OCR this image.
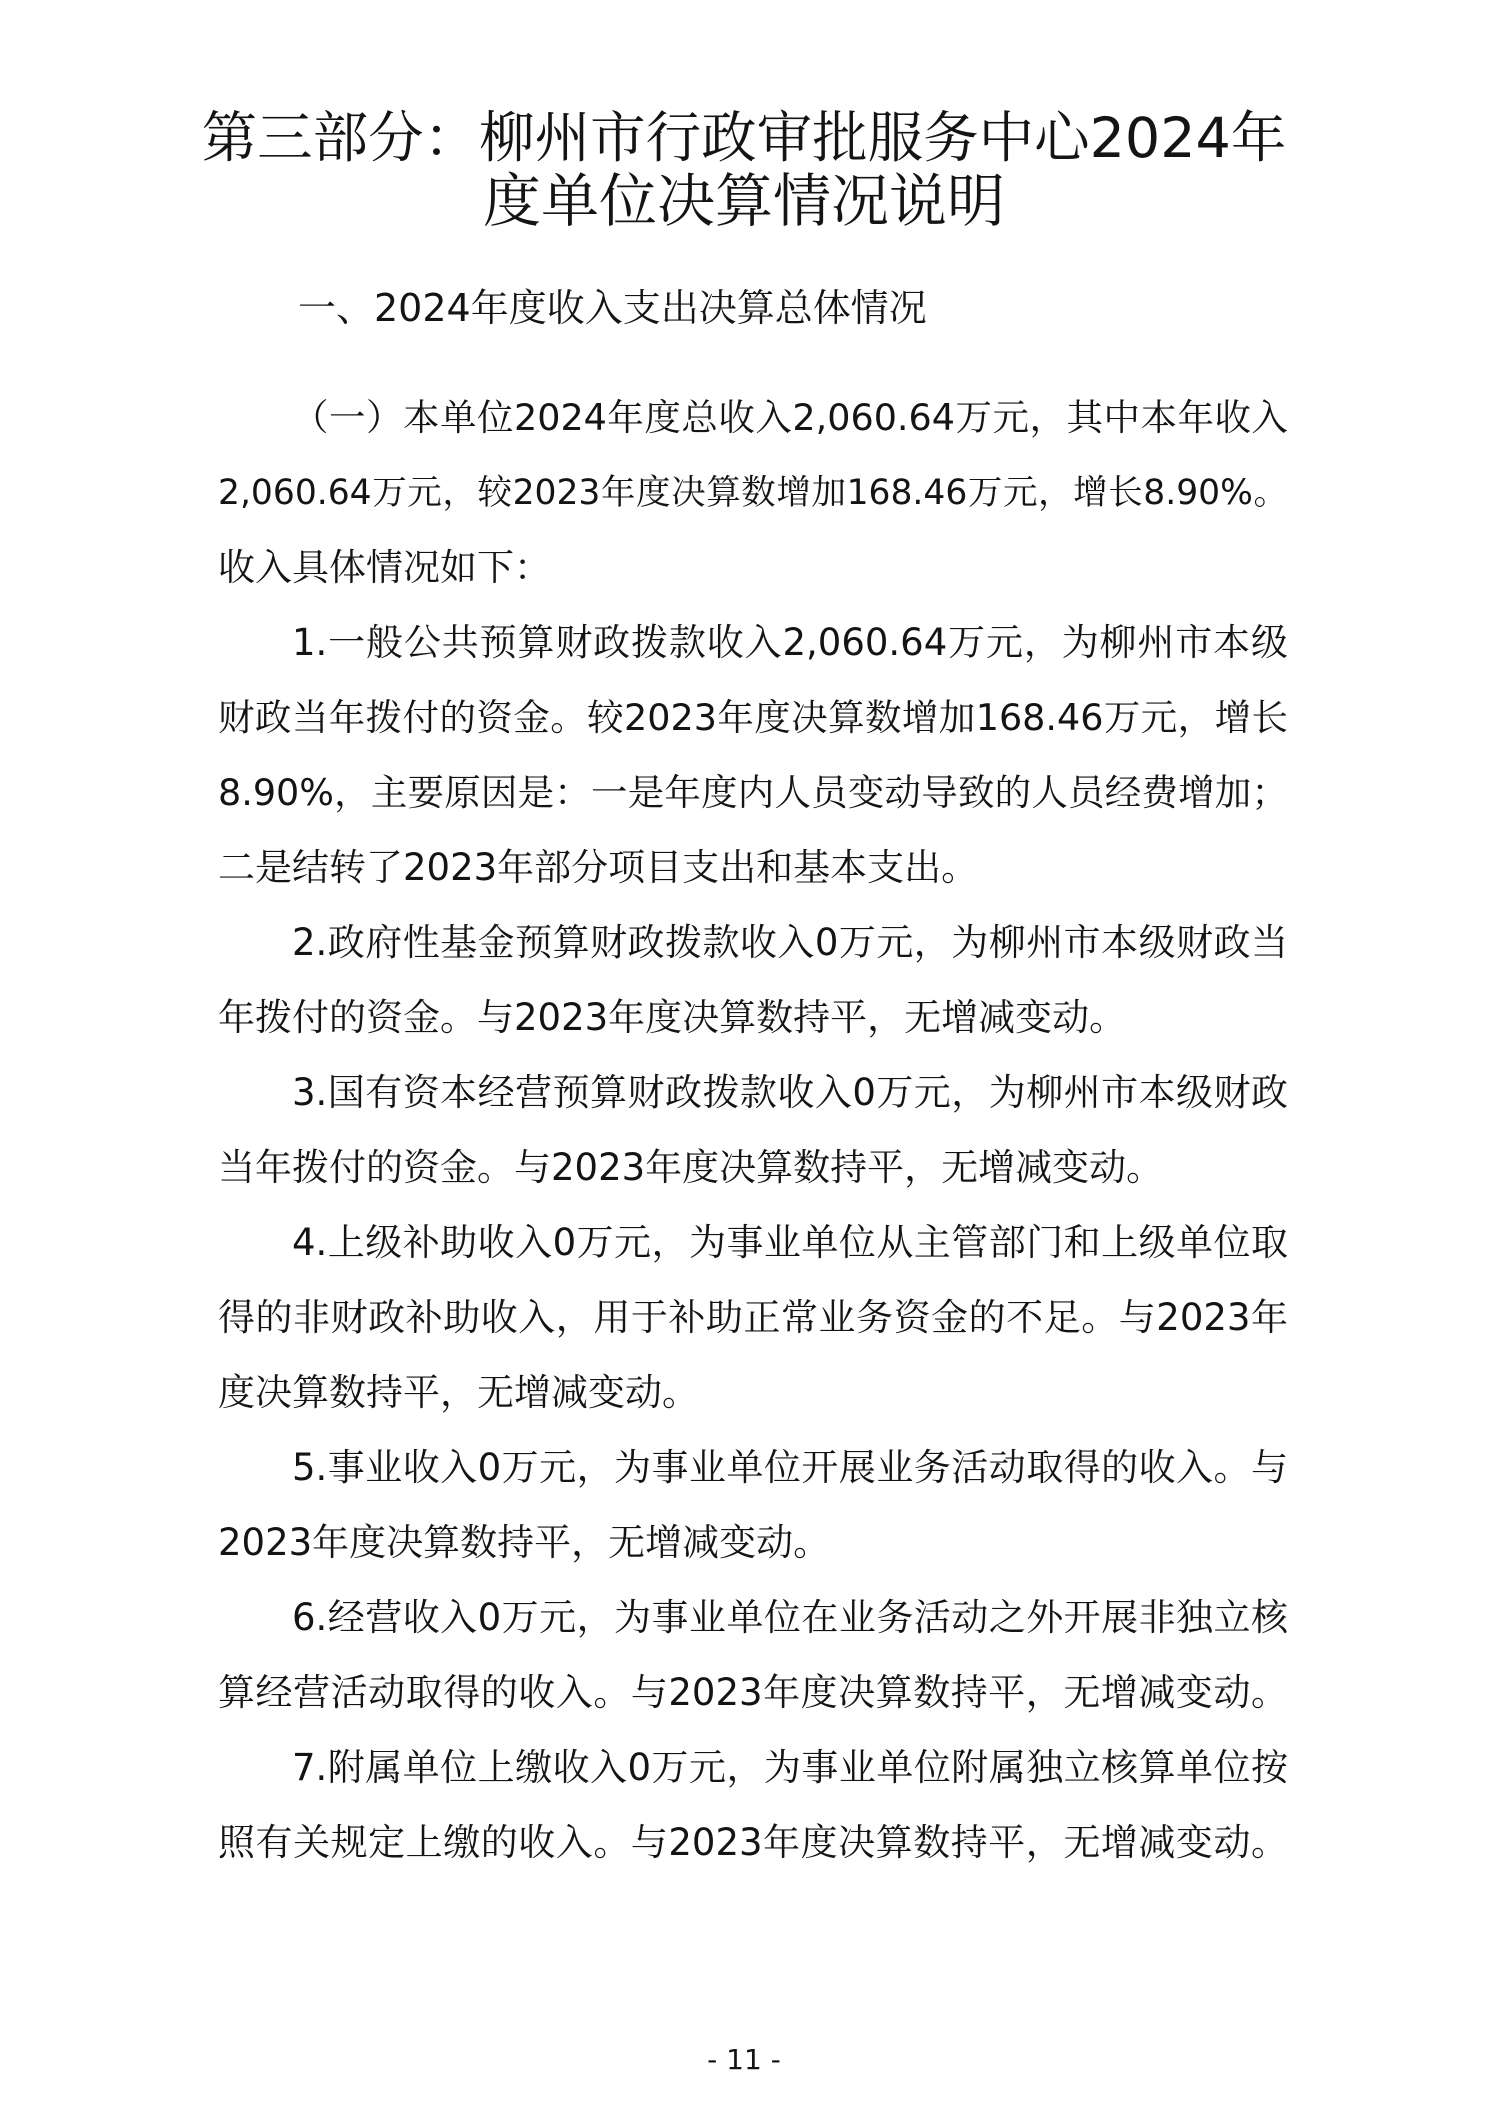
第三部分：柳州市行政审批服务中心2024年
度单位决算情况说明
一、2024年度收入支出决算总体情况
（一）本单位2024年度总收入2,060.64万元，其中本年收入
2,060.64万元，较2023年度决算数增加168.46万元，增长8.90%。
收入具体情况如下：
1.一般公共预算财政拨款收入2,060.64万元，为柳州市本级
财政当年拨付的资金。较2023年度决算数增加168.46万元，增长
8.90%，主要原因是：一是年度内人员变动导致的人员经费增加；
二是结转了2023年部分项目支出和基本支出。
2.政府性基金预算财政拨款收入0万元，为柳州市本级财政当
年拨付的资金。与2023年度决算数持平，无增减变动。
3.国有资本经营预算财政拨款收入0万元，为柳州市本级财政
当年拨付的资金。与2023年度决算数持平，无增减变动。
4.上级补助收入0万元，为事业单位从主管部门和上级单位取
得的非财政补助收入，用于补助正常业务资金的不足。与2023年
度决算数持平，无增减变动。
5.事业收入0万元，为事业单位开展业务活动取得的收入。与
2023年度决算数持平，无增减变动。
6.经营收入0万元，为事业单位在业务活动之外开展非独立核
算经营活动取得的收入。与2023年度决算数持平，无增减变动。
7.附属单位上缴收入0万元，为事业单位附属独立核算单位按
照有关规定上缴的收入。与2023年度决算数持平，无增减变动。
- 11 -
